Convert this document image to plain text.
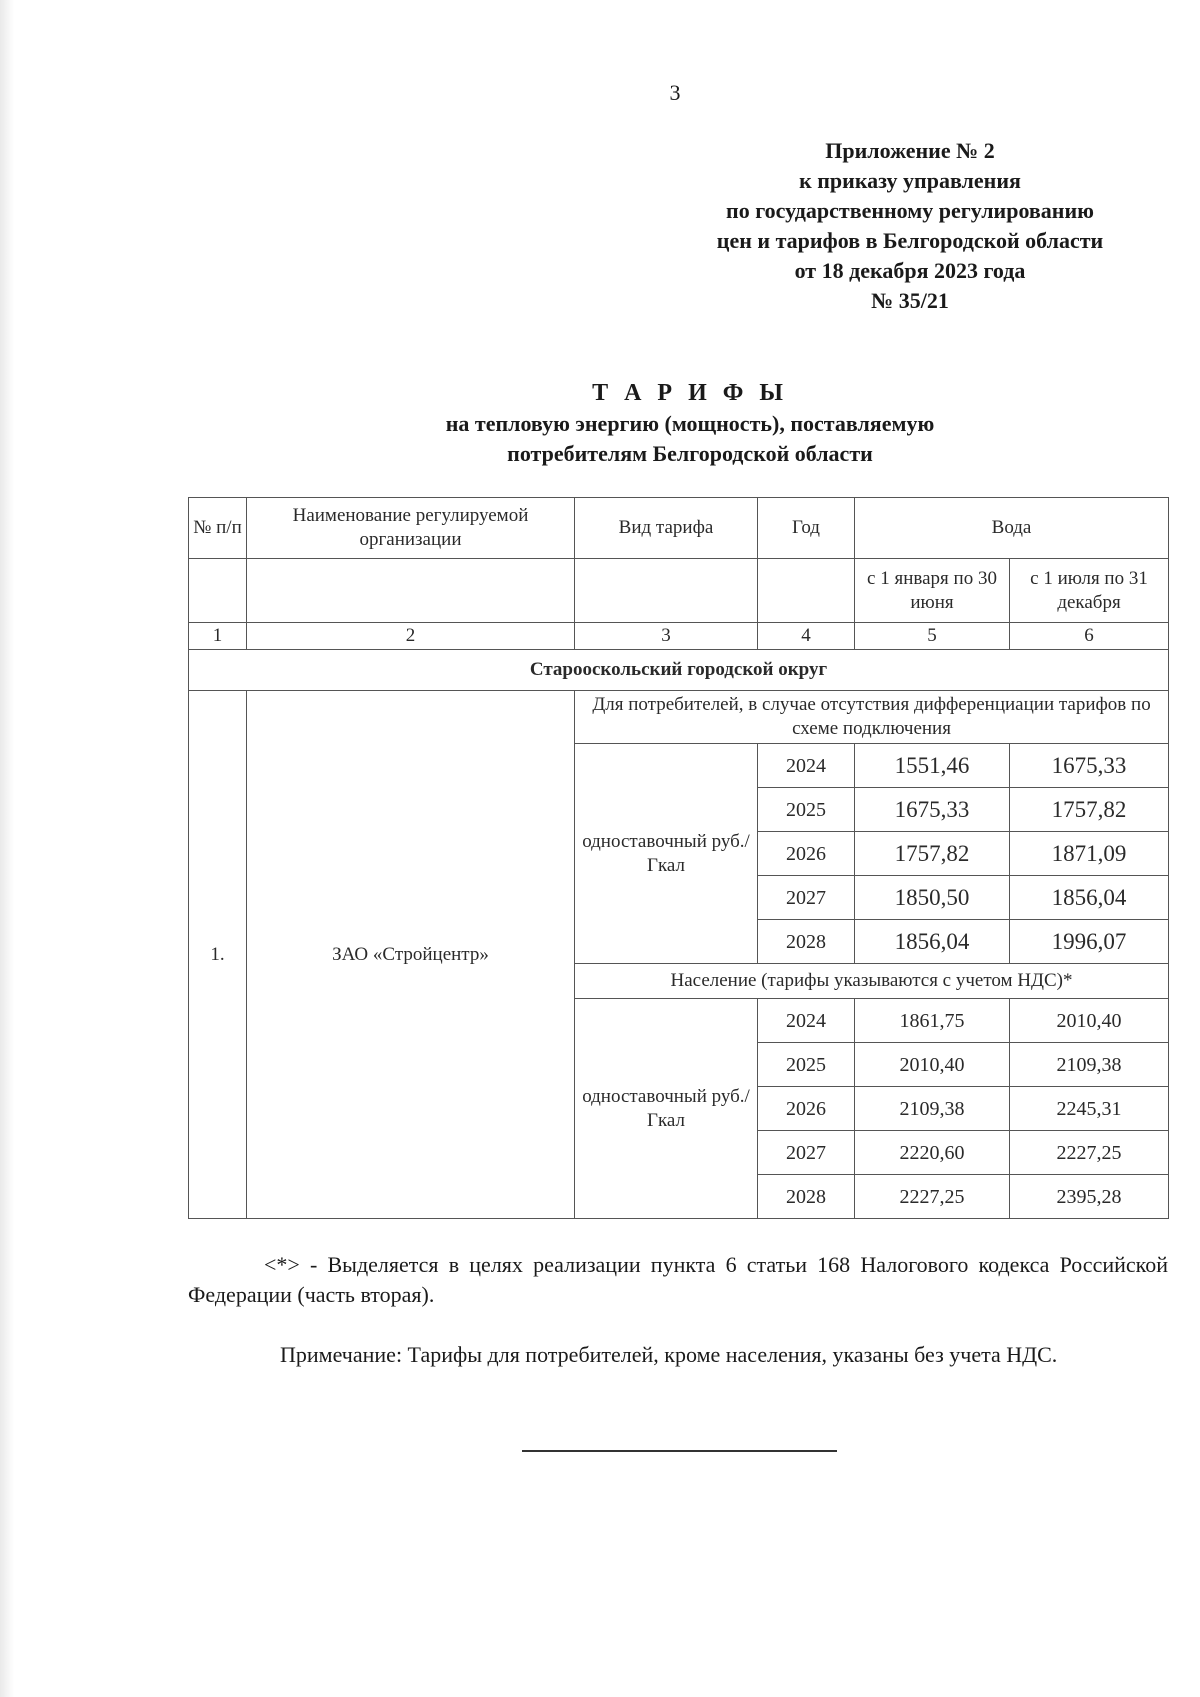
3
Приложение № 2
к приказу управления
по государственному регулированию
цен и тарифов в Белгородской области
от 18 декабря 2023 года
№ 35/21
Т А Р И Ф Ы
на тепловую энергию (мощность), поставляемую
потребителям Белгородской области
№ п/п	Наименование регулируемой организации	Вид тарифа	Год	Вода	
				с 1 января по 30 июня	с 1 июля по 31 декабря
1	2	3	4	5	6
Старооскольский городской округ					
1.	ЗАО «Стройцентр»	Для потребителей, в случае отсутствия дифференциации тарифов по схеме подключения			
		одноставочный руб./Гкал	2024	1551,46	1675,33
			2025	1675,33	1757,82
			2026	1757,82	1871,09
			2027	1850,50	1856,04
			2028	1856,04	1996,07
		Население (тарифы указываются с учетом НДС)*			
		одноставочный руб./Гкал	2024	1861,75	2010,40
			2025	2010,40	2109,38
			2026	2109,38	2245,31
			2027	2220,60	2227,25
			2028	2227,25	2395,28

<*> - Выделяется в целях реализации пункта 6 статьи 168 Налогового кодекса Российской Федерации (часть вторая).

Примечание: Тарифы для потребителей, кроме населения, указаны без учета НДС.
